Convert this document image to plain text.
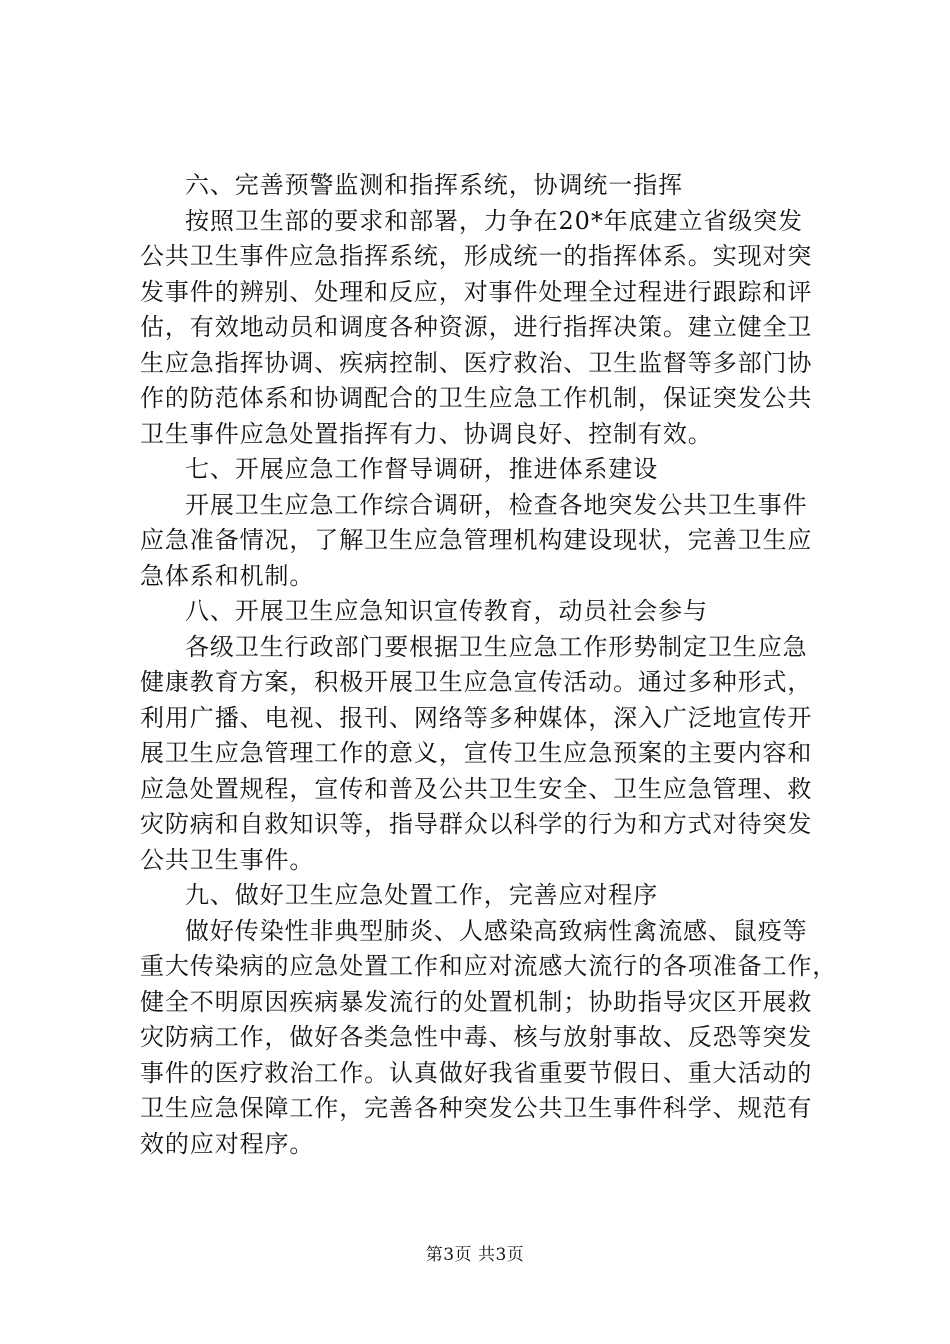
六、完善预警监测和指挥系统，协调统一指挥
按照卫生部的要求和部署，力争在20*年底建立省级突发
公共卫生事件应急指挥系统，形成统一的指挥体系。实现对突
发事件的辨别、处理和反应，对事件处理全过程进行跟踪和评
估，有效地动员和调度各种资源，进行指挥决策。建立健全卫
生应急指挥协调、疾病控制、医疗救治、卫生监督等多部门协
作的防范体系和协调配合的卫生应急工作机制，保证突发公共
卫生事件应急处置指挥有力、协调良好、控制有效。
七、开展应急工作督导调研，推进体系建设
开展卫生应急工作综合调研，检查各地突发公共卫生事件
应急准备情况，了解卫生应急管理机构建设现状，完善卫生应
急体系和机制。
八、开展卫生应急知识宣传教育，动员社会参与
各级卫生行政部门要根据卫生应急工作形势制定卫生应急
健康教育方案，积极开展卫生应急宣传活动。通过多种形式，
利用广播、电视、报刊、网络等多种媒体，深入广泛地宣传开
展卫生应急管理工作的意义，宣传卫生应急预案的主要内容和
应急处置规程，宣传和普及公共卫生安全、卫生应急管理、救
灾防病和自救知识等，指导群众以科学的行为和方式对待突发
公共卫生事件。
九、做好卫生应急处置工作，完善应对程序
做好传染性非典型肺炎、人感染高致病性禽流感、鼠疫等
重大传染病的应急处置工作和应对流感大流行的各项准备工作，
健全不明原因疾病暴发流行的处置机制；协助指导灾区开展救
灾防病工作，做好各类急性中毒、核与放射事故、反恐等突发
事件的医疗救治工作。认真做好我省重要节假日、重大活动的
卫生应急保障工作，完善各种突发公共卫生事件科学、规范有
效的应对程序。
第3页 共3页
